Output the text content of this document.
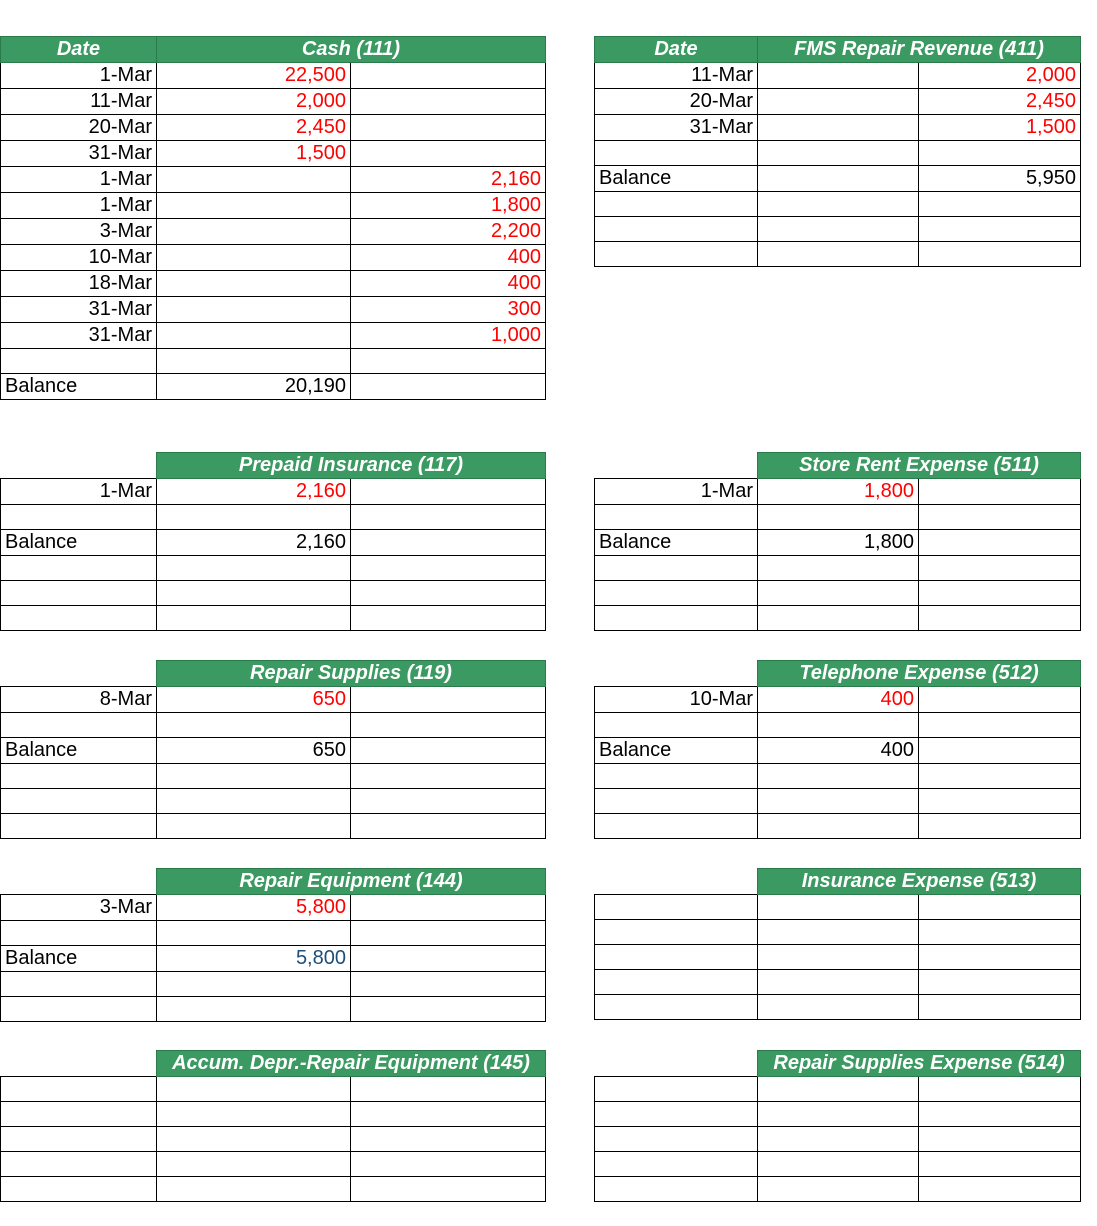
Date	Cash (111)	
1-Mar	22,500	
11-Mar	2,000	
20-Mar	2,450	
31-Mar	1,500	
1-Mar		2,160
1-Mar		1,800
3-Mar		2,200
10-Mar		400
18-Mar		400
31-Mar		300
31-Mar		1,000

Balance	20,190	
Date	FMS Repair Revenue (411)	
11-Mar		2,000
20-Mar		2,450
31-Mar		1,500

Balance		5,950

	Prepaid Insurance (117)	
1-Mar	2,160	

Balance	2,160	

	Store Rent Expense (511)	
1-Mar	1,800	

Balance	1,800	

	Repair Supplies (119)	
8-Mar	650	

Balance	650	

	Telephone Expense (512)	
10-Mar	400	

Balance	400	

	Repair Equipment (144)	
3-Mar	5,800	

Balance	5,800	

	Insurance Expense (513)	

	Accum. Depr.-Repair Equipment (145)	

		Repair Supplies Expense (514)	
